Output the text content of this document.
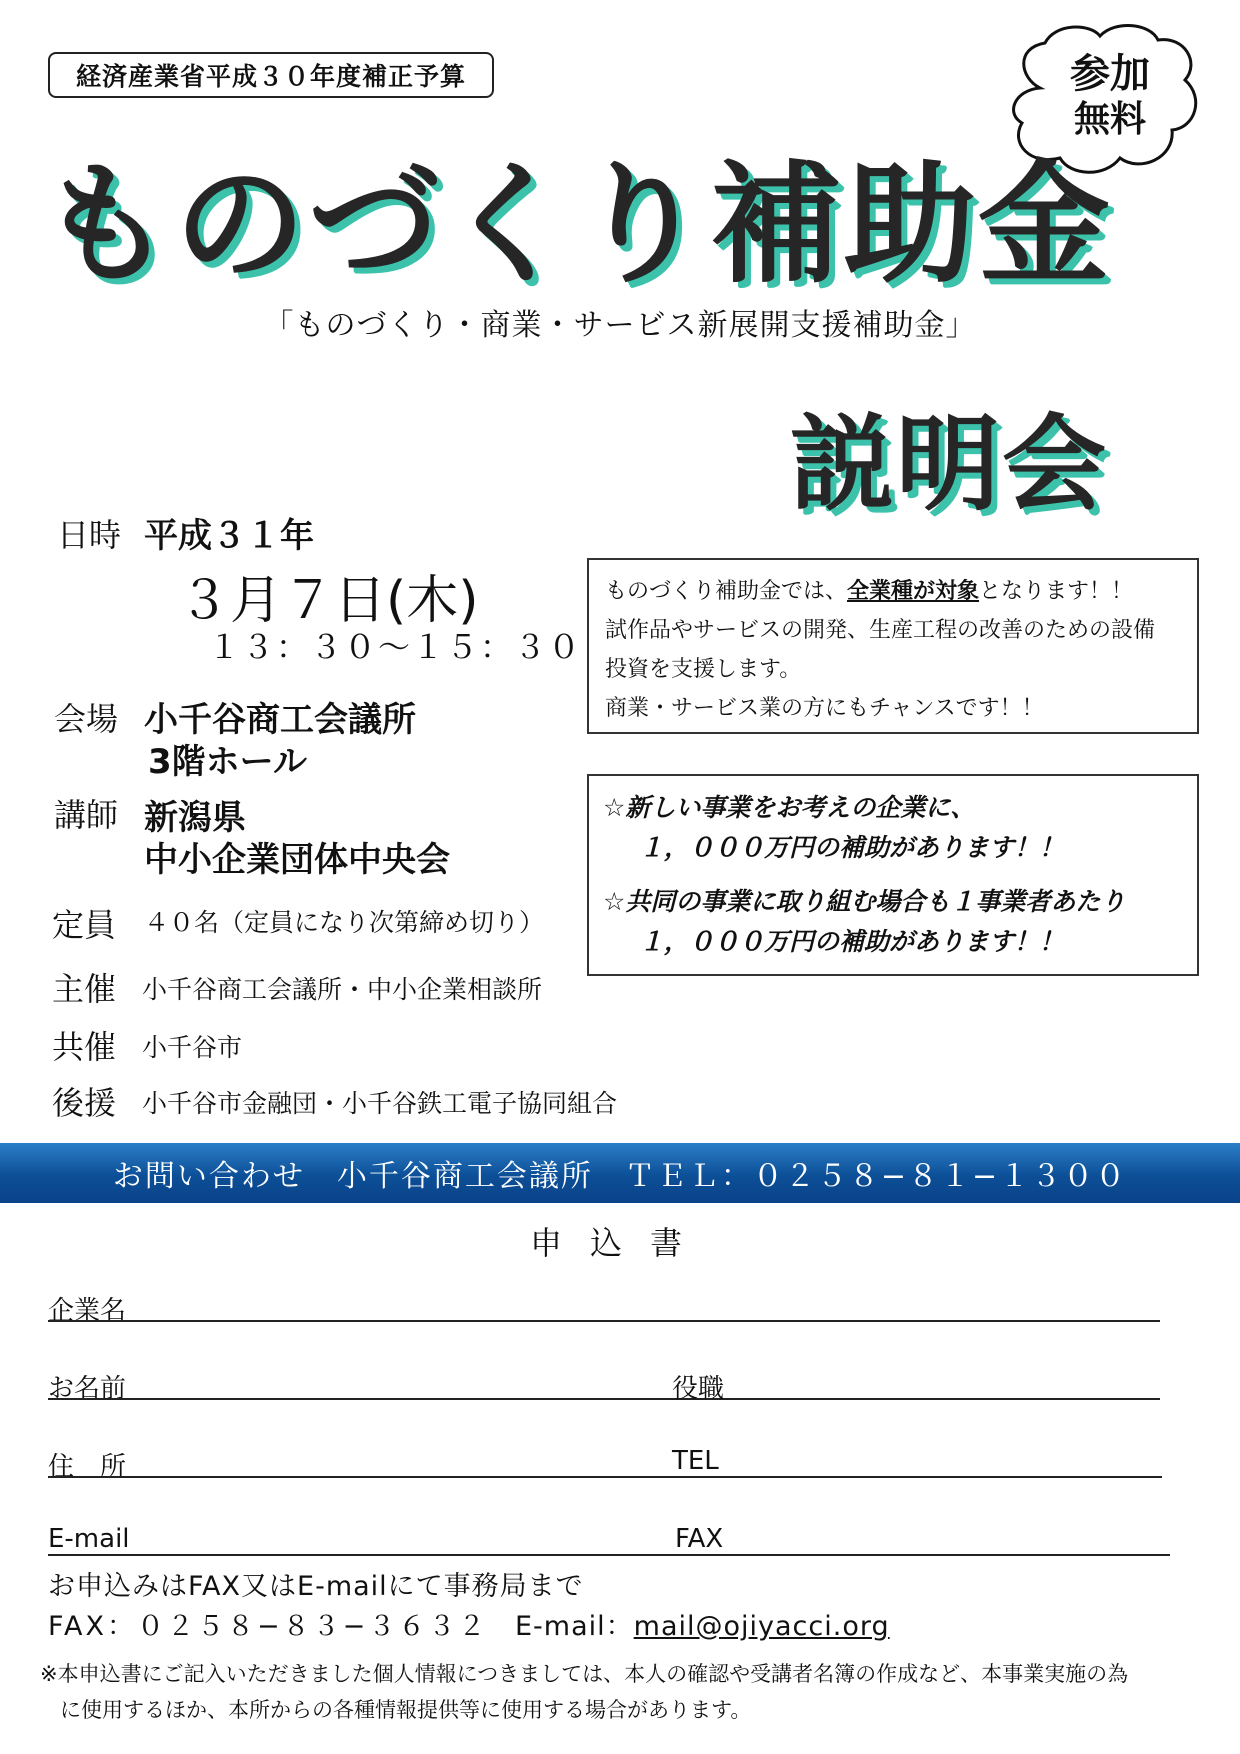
経済産業省平成３０年度補正予算	参加
無料
ものづくり補助金
「ものづくり・商業・サービス新展開支援補助金」
説明会
日時 平成３１年
３月７日(木)
１３：３０〜１５：３０
会場 小千谷商工会議所
3階ホール
講師 新潟県
中小企業団体中央会
定員 ４０名（定員になり次第締め切り）
主催 小千谷商工会議所・中小企業相談所
共催 小千谷市
後援 小千谷市金融団・小千谷鉄工電子協同組合
ものづくり補助金では、全業種が対象となります！！
試作品やサービスの開発、生産工程の改善のための設備
投資を支援します。
商業・サービス業の方にもチャンスです！！
☆新しい事業をお考えの企業に、

１，０００万円の補助があります！！
☆共同の事業に取り組む場合も１事業者あたり

１，０００万円の補助があります！！
お問い合わせ　小千谷商工会議所　ＴＥＬ：０２５８−８１−１３００
申込書
企業名
お名前	役職
住　所	TEL
E-mail	FAX
お申込みはFAX又はE-mailにて事務局まで
FAX：０２５８−８３−３６３２ E-mail：mail@ojiyacci.org
※本申込書にご記入いただきました個人情報につきましては、本人の確認や受講者名簿の作成など、本事業実施の為
に使用するほか、本所からの各種情報提供等に使用する場合があります。
